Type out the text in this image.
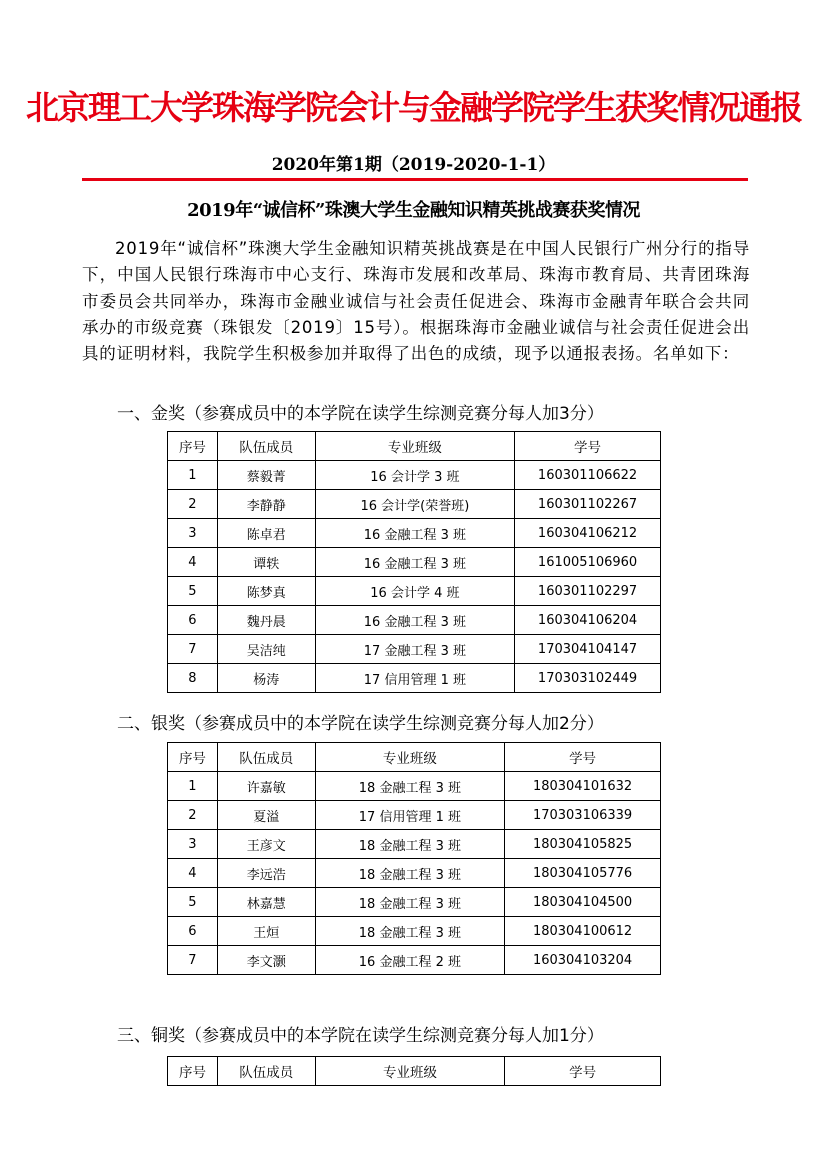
北京理工大学珠海学院会计与金融学院学生获奖情况通报
2020年第1期（2019-2020-1-1）
2019年“诚信杯”珠澳大学生金融知识精英挑战赛获奖情况
2019年“诚信杯”珠澳大学生金融知识精英挑战赛是在中国人民银行广州分行的指导下，中国人民银行珠海市中心支行、珠海市发展和改革局、珠海市教育局、共青团珠海市委员会共同举办，珠海市金融业诚信与社会责任促进会、珠海市金融青年联合会共同承办的市级竞赛（珠银发〔2019〕15号）。根据珠海市金融业诚信与社会责任促进会出具的证明材料，我院学生积极参加并取得了出色的成绩，现予以通报表扬。名单如下：
一、金奖（参赛成员中的本学院在读学生综测竞赛分每人加3分）
序号	队伍成员	专业班级	学号
1	蔡毅菁	16 会计学 3 班	160301106622
2	李静静	16 会计学(荣誉班)	160301102267
3	陈卓君	16 金融工程 3 班	160304106212
4	谭轶	16 金融工程 3 班	161005106960
5	陈梦真	16 会计学 4 班	160301102297
6	魏丹晨	16 金融工程 3 班	160304106204
7	吴洁纯	17 金融工程 3 班	170304104147
8	杨涛	17 信用管理 1 班	170303102449
二、银奖（参赛成员中的本学院在读学生综测竞赛分每人加2分）
序号	队伍成员	专业班级	学号
1	许嘉敏	18 金融工程 3 班	180304101632
2	夏溢	17 信用管理 1 班	170303106339
3	王彦文	18 金融工程 3 班	180304105825
4	李远浩	18 金融工程 3 班	180304105776
5	林嘉慧	18 金融工程 3 班	180304104500
6	王烜	18 金融工程 3 班	180304100612
7	李文灏	16 金融工程 2 班	160304103204
三、铜奖（参赛成员中的本学院在读学生综测竞赛分每人加1分）
序号	队伍成员	专业班级	学号
